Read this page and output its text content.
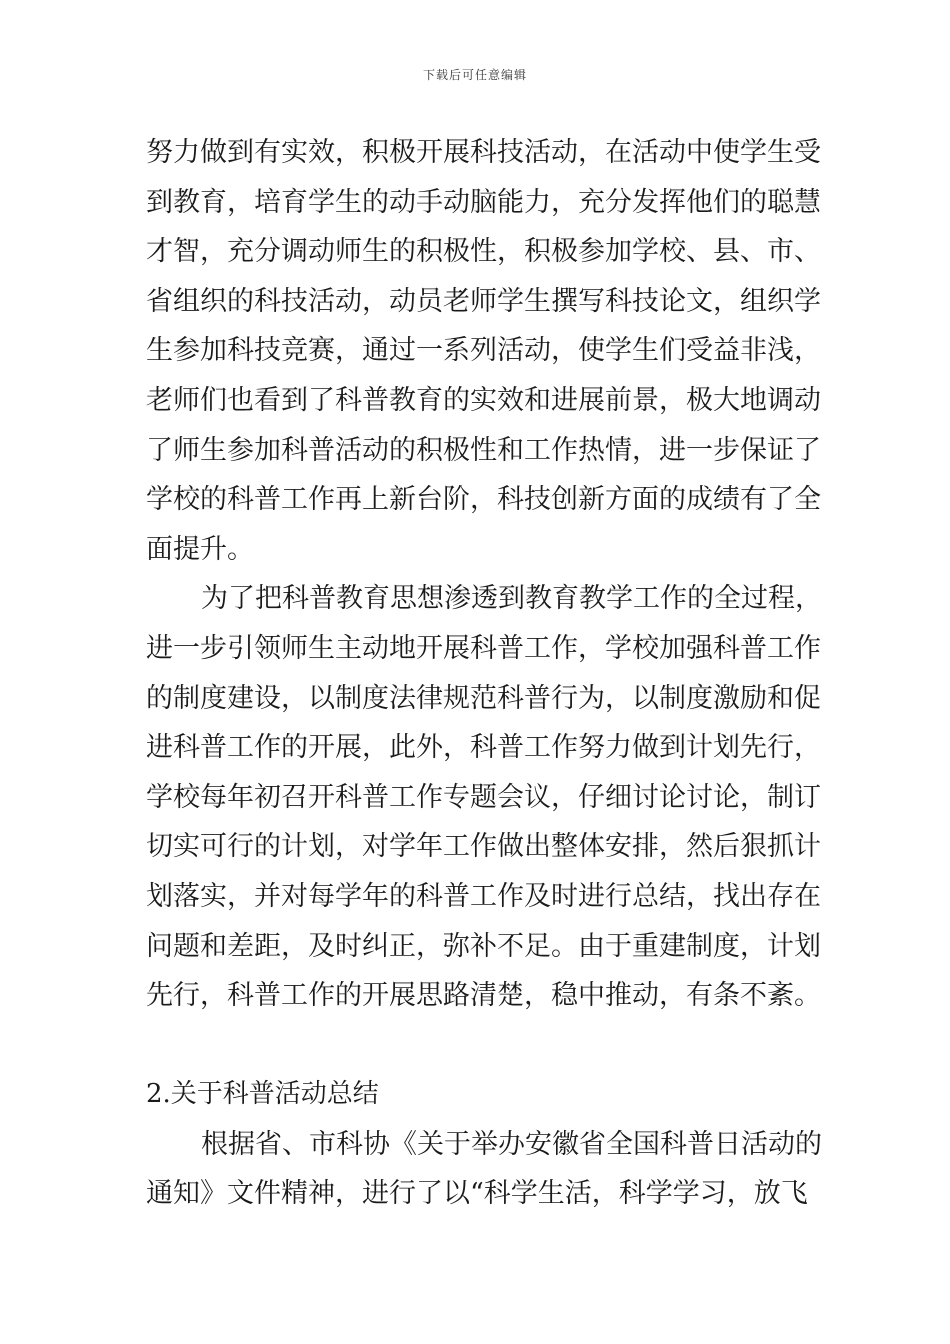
下载后可任意编辑
努力做到有实效，积极开展科技活动，在活动中使学生受
到教育，培育学生的动手动脑能力，充分发挥他们的聪慧
才智，充分调动师生的积极性，积极参加学校、县、市、
省组织的科技活动，动员老师学生撰写科技论文，组织学
生参加科技竞赛，通过一系列活动，使学生们受益非浅，
老师们也看到了科普教育的实效和进展前景，极大地调动
了师生参加科普活动的积极性和工作热情，进一步保证了
学校的科普工作再上新台阶，科技创新方面的成绩有了全
面提升。
为了把科普教育思想渗透到教育教学工作的全过程，
进一步引领师生主动地开展科普工作，学校加强科普工作
的制度建设，以制度法律规范科普行为，以制度激励和促
进科普工作的开展，此外，科普工作努力做到计划先行，
学校每年初召开科普工作专题会议，仔细讨论讨论，制订
切实可行的计划，对学年工作做出整体安排，然后狠抓计
划落实，并对每学年的科普工作及时进行总结，找出存在
问题和差距，及时纠正，弥补不足。由于重建制度，计划
先行，科普工作的开展思路清楚，稳中推动，有条不紊。
2.关于科普活动总结
根据省、市科协《关于举办安徽省全国科普日活动的
通知》文件精神，进行了以“科学生活，科学学习，放飞
